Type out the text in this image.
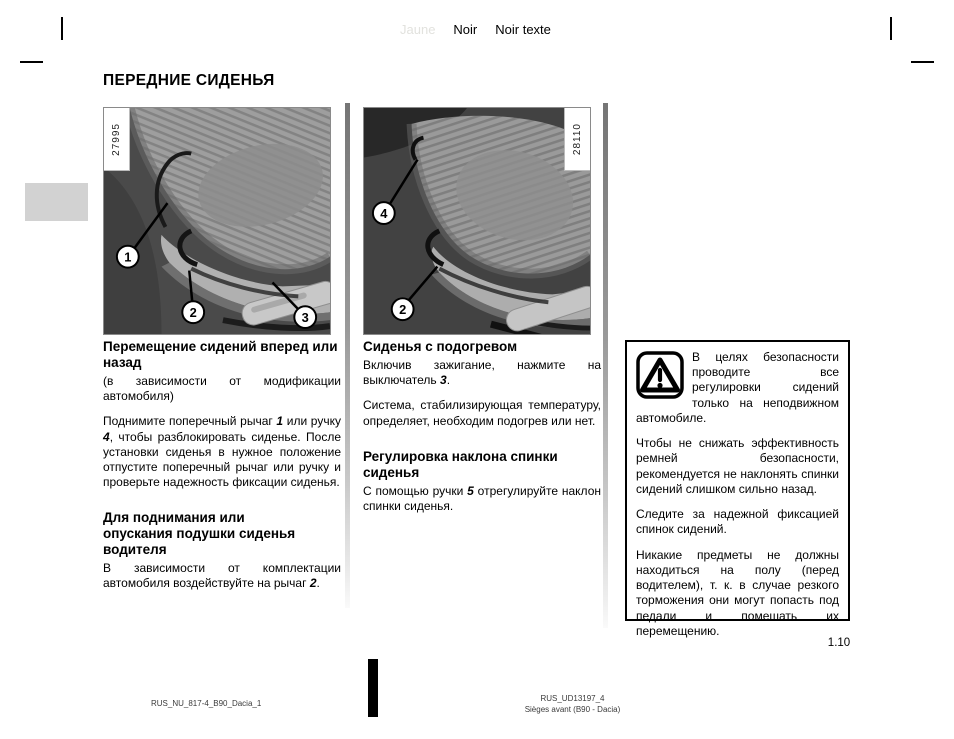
Jaune Noir Noir texte
ПЕРЕДНИЕ СИДЕНЬЯ
1
2	3
27995
4
2
28110
Перемещение сидений вперед или назад

(в зависимости от модификации автомобиля)

Поднимите поперечный рычаг 1 или ручку 4, чтобы разблокировать сиденье. После установки сиденья в нужное положение отпустите поперечный рычаг или ручку и проверьте надежность фиксации сиденья.

Для поднимания или опускания подушки сиденья водителя

В зависимости от комплектации автомобиля воздействуйте на рычаг 2.

Сиденья с подогревом

Включив зажигание, нажмите на выключатель 3.

Система, стабилизирующая температуру, определяет, необходим подогрев или нет.

Регулировка наклона спинки сиденья

С помощью ручки 5 отрегулируйте наклон спинки сиденья.

В целях безопасности проводите все регулировки сидений только на неподвижном автомобиле.

Чтобы не снижать эффективность ремней безопасности, рекомендуется не наклонять спинки сидений слишком сильно назад.

Следите за надежной фиксацией спинок сидений.

Никакие предметы не должны находиться на полу (перед водителем), т. к. в случае резкого торможения они могут попасть под педали и помешать их перемещению.

1.10
RUS_NU_817-4_B90_Dacia_1
RUS_UD13197_4
Sièges avant (B90 - Dacia)
